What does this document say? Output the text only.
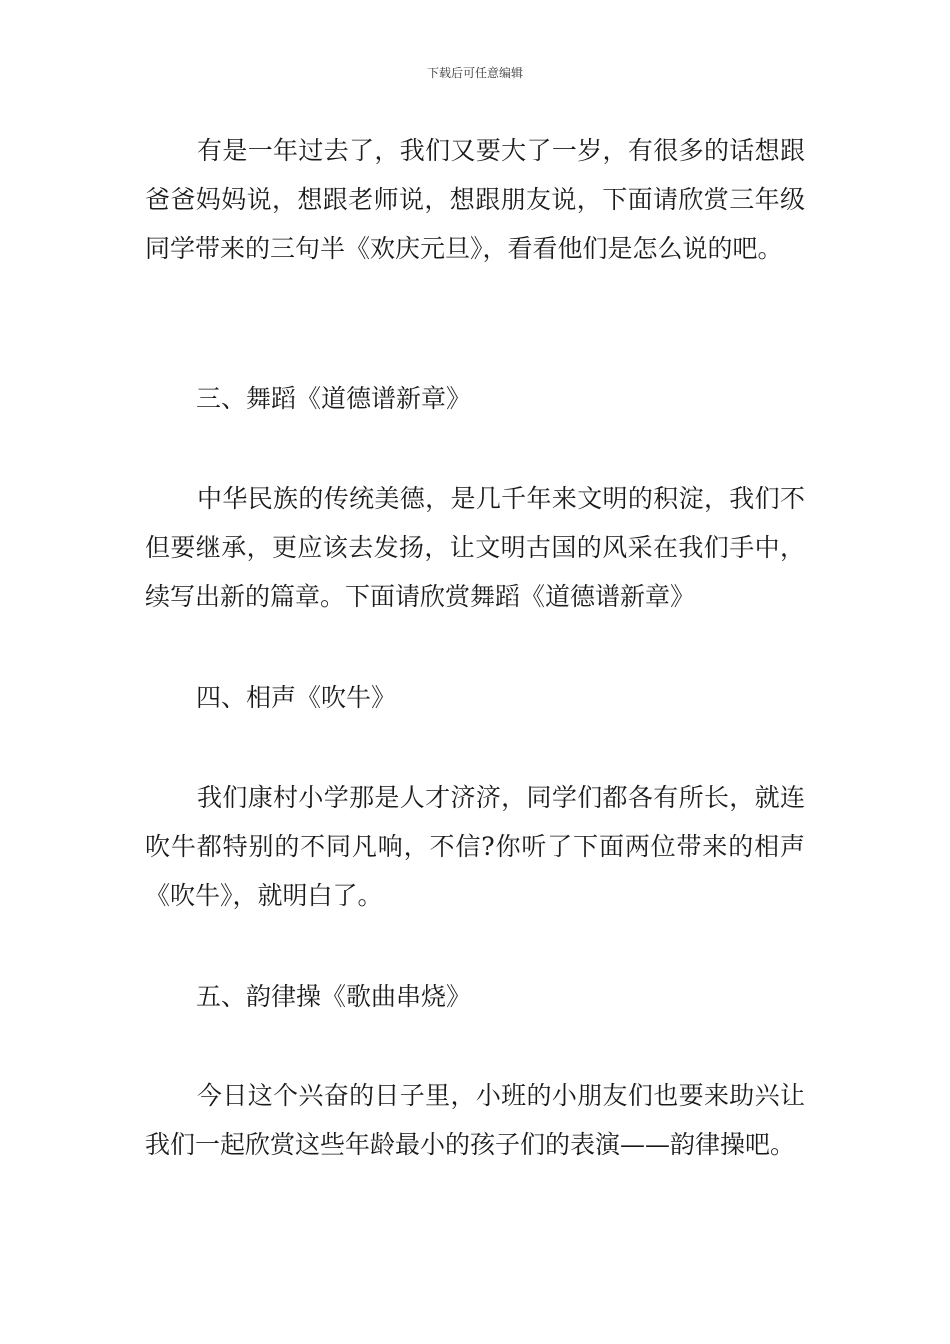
下载后可任意编辑

有是一年过去了，我们又要大了一岁，有很多的话想跟爸爸妈妈说，想跟老师说，想跟朋友说，下面请欣赏三年级同学带来的三句半《欢庆元旦》，看看他们是怎么说的吧。

三、舞蹈《道德谱新章》

中华民族的传统美德，是几千年来文明的积淀，我们不但要继承，更应该去发扬，让文明古国的风采在我们手中，续写出新的篇章。下面请欣赏舞蹈《道德谱新章》

四、相声《吹牛》

我们康村小学那是人才济济，同学们都各有所长，就连吹牛都特别的不同凡响，不信?你听了下面两位带来的相声《吹牛》，就明白了。

五、韵律操《歌曲串烧》

今日这个兴奋的日子里，小班的小朋友们也要来助兴让我们一起欣赏这些年龄最小的孩子们的表演——韵律操吧。
